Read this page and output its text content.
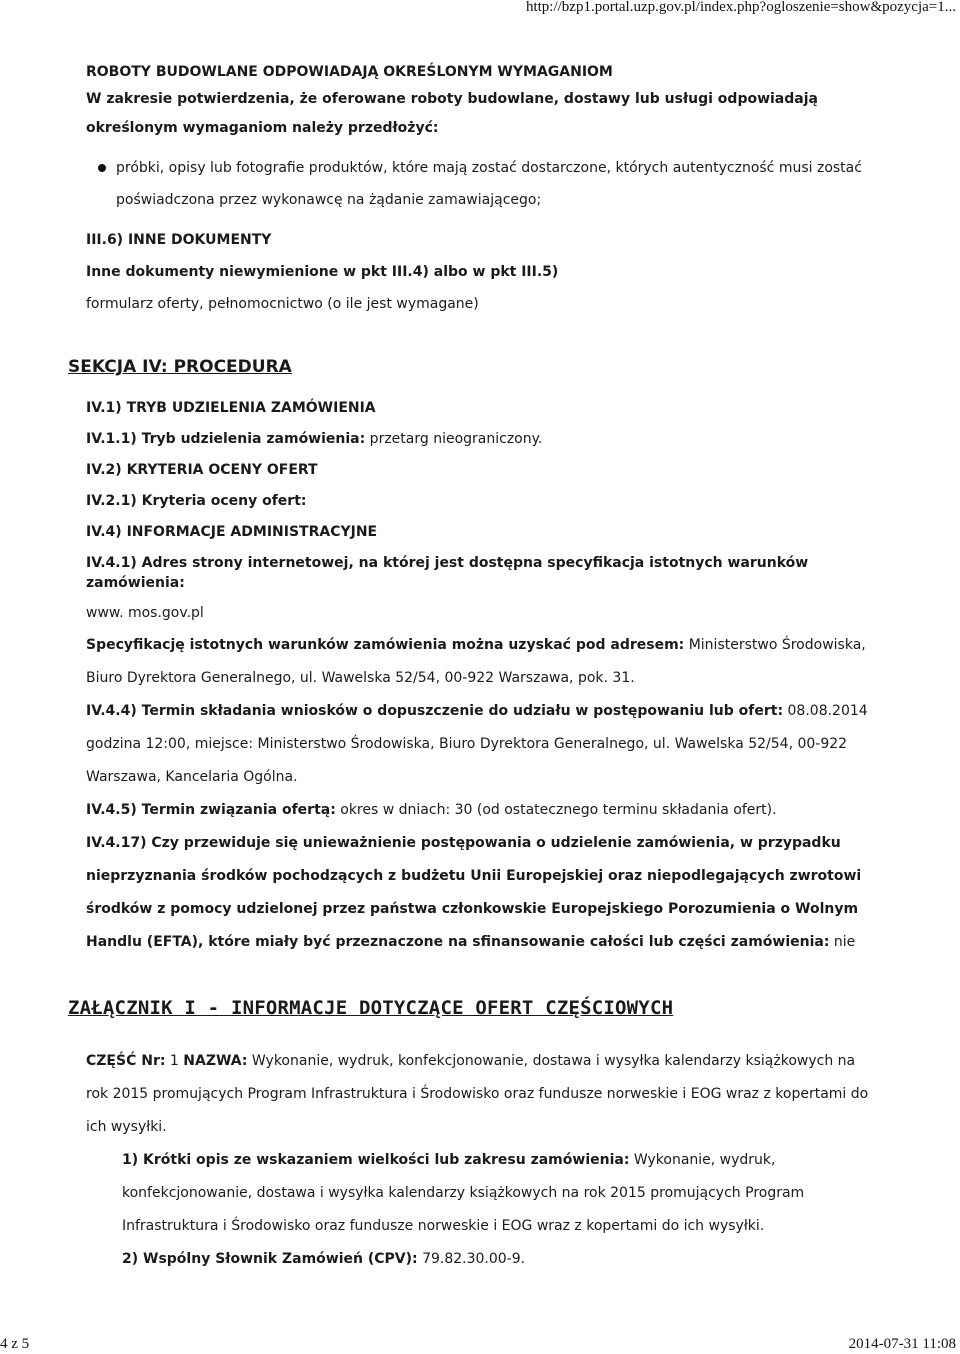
http://bzp1.portal.uzp.gov.pl/index.php?ogloszenie=show&pozycja=1...

ROBOTY BUDOWLANE ODPOWIADAJĄ OKREŚLONYM WYMAGANIOM

W zakresie potwierdzenia, że oferowane roboty budowlane, dostawy lub usługi odpowiadają określonym wymaganiom należy przedłożyć:

próbki, opisy lub fotografie produktów, które mają zostać dostarczone, których autentyczność musi zostać poświadczona przez wykonawcę na żądanie zamawiającego;

III.6) INNE DOKUMENTY

Inne dokumenty niewymienione w pkt III.4) albo w pkt III.5)

formularz oferty, pełnomocnictwo (o ile jest wymagane)

SEKCJA IV: PROCEDURA

IV.1) TRYB UDZIELENIA ZAMÓWIENIA

IV.1.1) Tryb udzielenia zamówienia: przetarg nieograniczony.

IV.2) KRYTERIA OCENY OFERT

IV.2.1) Kryteria oceny ofert:

IV.4) INFORMACJE ADMINISTRACYJNE

IV.4.1) Adres strony internetowej, na której jest dostępna specyfikacja istotnych warunków zamówienia:

www. mos.gov.pl

Specyfikację istotnych warunków zamówienia można uzyskać pod adresem: Ministerstwo Środowiska, Biuro Dyrektora Generalnego, ul. Wawelska 52/54, 00-922 Warszawa, pok. 31.

IV.4.4) Termin składania wniosków o dopuszczenie do udziału w postępowaniu lub ofert: 08.08.2014 godzina 12:00, miejsce: Ministerstwo Środowiska, Biuro Dyrektora Generalnego, ul. Wawelska 52/54, 00-922 Warszawa, Kancelaria Ogólna.

IV.4.5) Termin związania ofertą: okres w dniach: 30 (od ostatecznego terminu składania ofert).

IV.4.17) Czy przewiduje się unieważnienie postępowania o udzielenie zamówienia, w przypadku nieprzyznania środków pochodzących z budżetu Unii Europejskiej oraz niepodlegających zwrotowi środków z pomocy udzielonej przez państwa członkowskie Europejskiego Porozumienia o Wolnym Handlu (EFTA), które miały być przeznaczone na sfinansowanie całości lub części zamówienia: nie

ZAŁĄCZNIK I - INFORMACJE DOTYCZĄCE OFERT CZĘŚCIOWYCH

CZĘŚĆ Nr: 1 NAZWA: Wykonanie, wydruk, konfekcjonowanie, dostawa i wysyłka kalendarzy książkowych na rok 2015 promujących Program Infrastruktura i Środowisko oraz fundusze norweskie i EOG wraz z kopertami do ich wysyłki.

1) Krótki opis ze wskazaniem wielkości lub zakresu zamówienia: Wykonanie, wydruk, konfekcjonowanie, dostawa i wysyłka kalendarzy książkowych na rok 2015 promujących Program Infrastruktura i Środowisko oraz fundusze norweskie i EOG wraz z kopertami do ich wysyłki.

2) Wspólny Słownik Zamówień (CPV): 79.82.30.00-9.

4 z 5	2014-07-31 11:08
